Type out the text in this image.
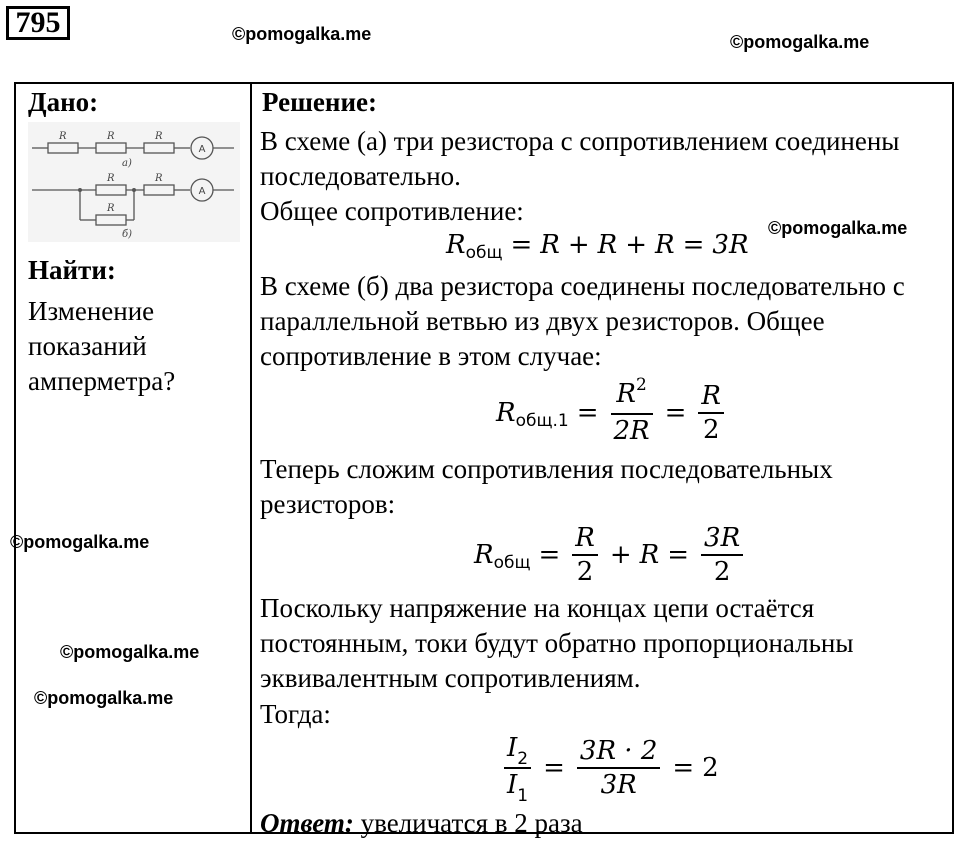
795	©pomogalka.me	©pomogalka.me
©pomogalka.me
©pomogalka.me
©pomogalka.me
©pomogalka.me
Дано:
R	R	R
R	R
R
а)
б)
A
A
Найти:
Изменение показаний амперметра?
Решение:
В схеме (а) три резистора с сопротивлением соединены последовательно.
Общее сопротивление:
R общ = R + R + R = 3R
В схеме (б) два резистора соединены последовательно с параллельной ветвью из двух резисторов. Общее сопротивление в этом случае:
R $общ.1 = \frac{R^2}{2R} = \frac{R}{2}$
Теперь сложим сопротивления последовательных резисторов:
R общ = $\frac{R}{2} + R = \frac{3R}{2}$
Поскольку напряжение на концах цепи остаётся постоянным, токи будут обратно пропорциональны эквивалентным сопротивлениям.
Тогда:
$\frac{I_2}{I_1} = \frac{3R \cdot 2}{3R} = 2$
Ответ: увеличатся в 2 раза
